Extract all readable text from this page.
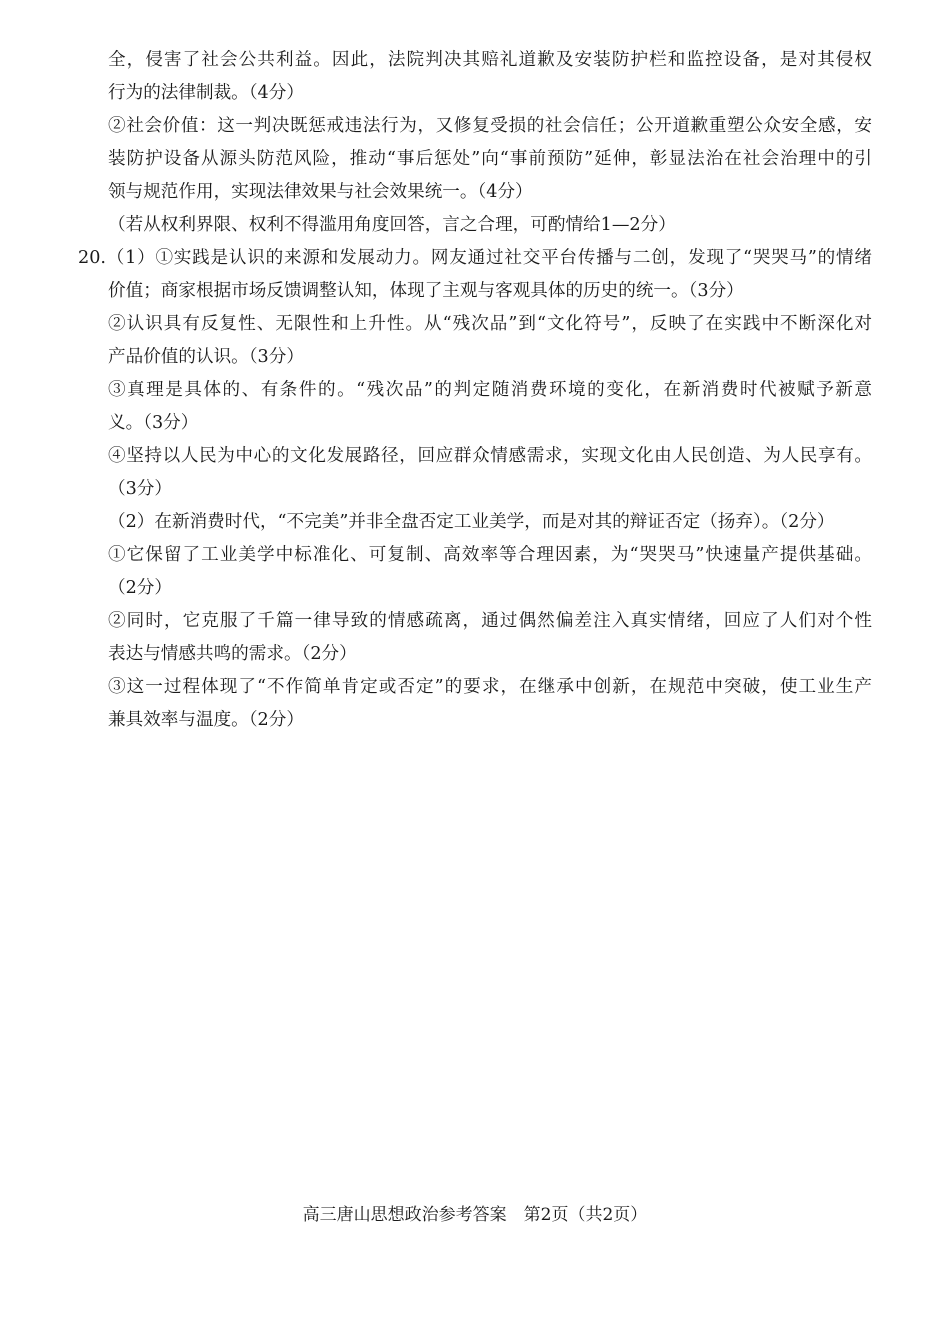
全，侵害了社会公共利益。因此，法院判决其赔礼道歉及安装防护栏和监控设备，是对其侵权
行为的法律制裁。（4分）
②社会价值：这一判决既惩戒违法行为，又修复受损的社会信任；公开道歉重塑公众安全感，安
装防护设备从源头防范风险，推动“事后惩处”向“事前预防”延伸，彰显法治在社会治理中的引
领与规范作用，实现法律效果与社会效果统一。（4分）
（若从权利界限、权利不得滥用角度回答，言之合理，可酌情给1—2分）
20.（1）①实践是认识的来源和发展动力。网友通过社交平台传播与二创，发现了“哭哭马”的情绪
价值；商家根据市场反馈调整认知，体现了主观与客观具体的历史的统一。（3分）
②认识具有反复性、无限性和上升性。从“残次品”到“文化符号”，反映了在实践中不断深化对
产品价值的认识。（3分）
③真理是具体的、有条件的。“残次品”的判定随消费环境的变化，在新消费时代被赋予新意
义。（3分）
④坚持以人民为中心的文化发展路径，回应群众情感需求，实现文化由人民创造、为人民享有。
（3分）
（2）在新消费时代，“不完美”并非全盘否定工业美学，而是对其的辩证否定（扬弃）。（2分）
①它保留了工业美学中标准化、可复制、高效率等合理因素，为“哭哭马”快速量产提供基础。
（2分）
②同时，它克服了千篇一律导致的情感疏离，通过偶然偏差注入真实情绪，回应了人们对个性
表达与情感共鸣的需求。（2分）
③这一过程体现了“不作简单肯定或否定”的要求，在继承中创新，在规范中突破，使工业生产
兼具效率与温度。（2分）
高三唐山思想政治参考答案　第2页（共2页）
